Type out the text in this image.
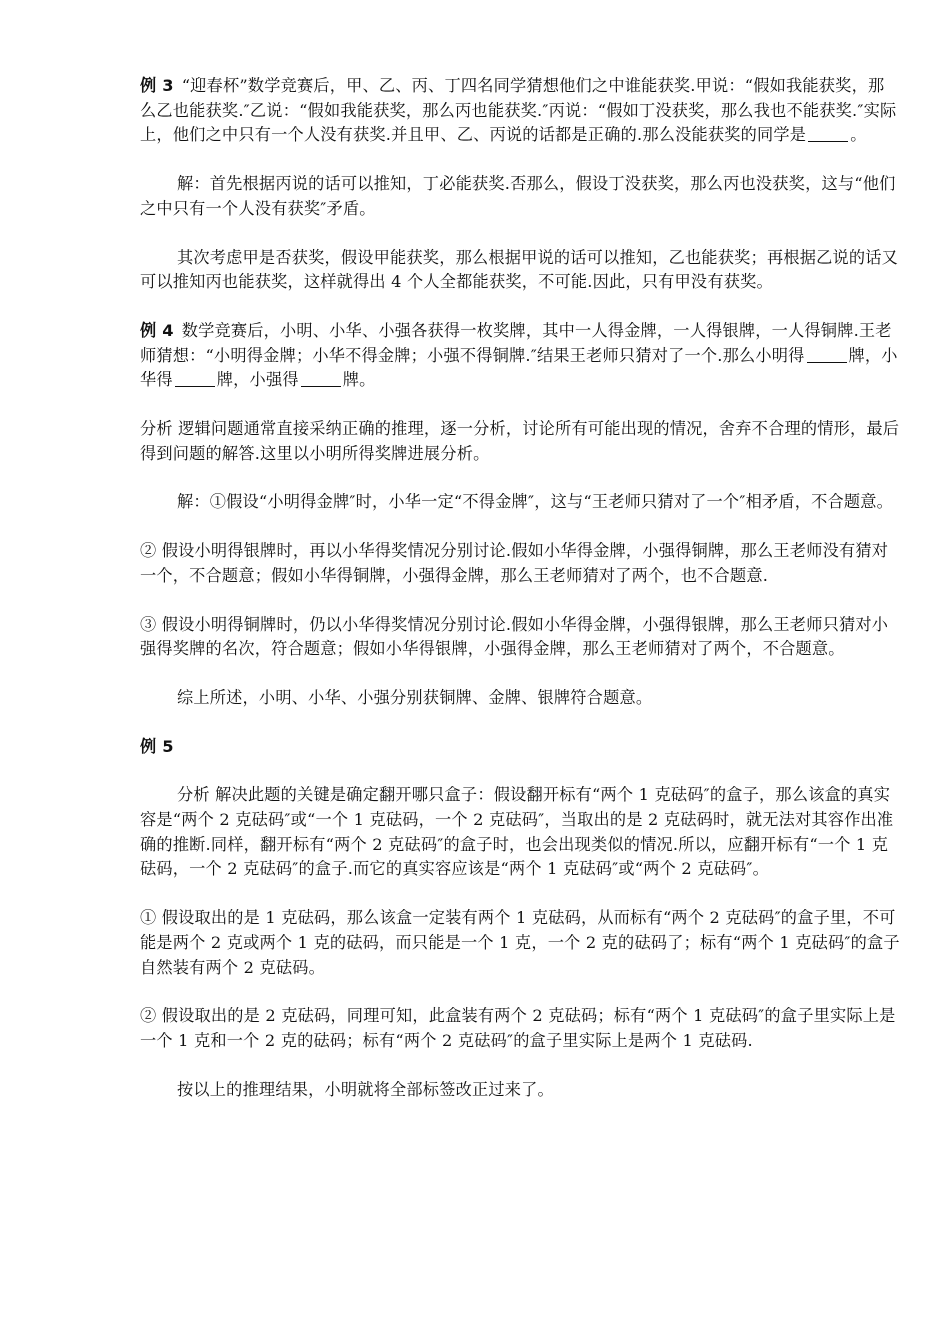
例 3 “迎春杯”数学竞赛后，甲、乙、丙、丁四名同学猜想他们之中谁能获奖.甲说：“假如我能获奖，那么乙也能获奖.″乙说：“假如我能获奖，那么丙也能获奖.″丙说：“假如丁没获奖，那么我也不能获奖.″实际上，他们之中只有一个人没有获奖.并且甲、乙、丙说的话都是正确的.那么没能获奖的同学是	。

解：首先根据丙说的话可以推知，丁必能获奖.否那么，假设丁没获奖，那么丙也没获奖，这与“他们之中只有一个人没有获奖″矛盾。

其次考虑甲是否获奖，假设甲能获奖，那么根据甲说的话可以推知，乙也能获奖；再根据乙说的话又可以推知丙也能获奖，这样就得出 4 个人全都能获奖，不可能.因此，只有甲没有获奖。

例 4 数学竞赛后，小明、小华、小强各获得一枚奖牌，其中一人得金牌，一人得银牌，一人得铜牌.王老师猜想：“小明得金牌；小华不得金牌；小强不得铜牌.″结果王老师只猜对了一个.那么小明得	牌，小华得	牌，小强得	牌。

分析 逻辑问题通常直接采纳正确的推理，逐一分析，讨论所有可能出现的情况，舍弃不合理的情形，最后得到问题的解答.这里以小明所得奖牌进展分析。

解：①假设“小明得金牌″时，小华一定“不得金牌″，这与“王老师只猜对了一个″相矛盾，不合题意。

② 假设小明得银牌时，再以小华得奖情况分别讨论.假如小华得金牌，小强得铜牌，那么王老师没有猜对一个，不合题意；假如小华得铜牌，小强得金牌，那么王老师猜对了两个，也不合题意.

③ 假设小明得铜牌时，仍以小华得奖情况分别讨论.假如小华得金牌，小强得银牌，那么王老师只猜对小强得奖牌的名次，符合题意；假如小华得银牌，小强得金牌，那么王老师猜对了两个，不合题意。

综上所述，小明、小华、小强分别获铜牌、金牌、银牌符合题意。

例 5

分析 解决此题的关键是确定翻开哪只盒子：假设翻开标有“两个 1 克砝码″的盒子，那么该盒的真实容是“两个 2 克砝码″或“一个 1 克砝码，一个 2 克砝码″，当取出的是 2 克砝码时，就无法对其容作出准确的推断.同样，翻开标有“两个 2 克砝码″的盒子时，也会出现类似的情况.所以，应翻开标有“一个 1 克砝码，一个 2 克砝码″的盒子.而它的真实容应该是“两个 1 克砝码″或“两个 2 克砝码″。

① 假设取出的是 1 克砝码，那么该盒一定装有两个 1 克砝码，从而标有“两个 2 克砝码″的盒子里，不可能是两个 2 克或两个 1 克的砝码，而只能是一个 1 克，一个 2 克的砝码了；标有“两个 1 克砝码″的盒子自然装有两个 2 克砝码。

② 假设取出的是 2 克砝码，同理可知，此盒装有两个 2 克砝码；标有“两个 1 克砝码″的盒子里实际上是一个 1 克和一个 2 克的砝码；标有“两个 2 克砝码″的盒子里实际上是两个 1 克砝码.

按以上的推理结果，小明就将全部标签改正过来了。
